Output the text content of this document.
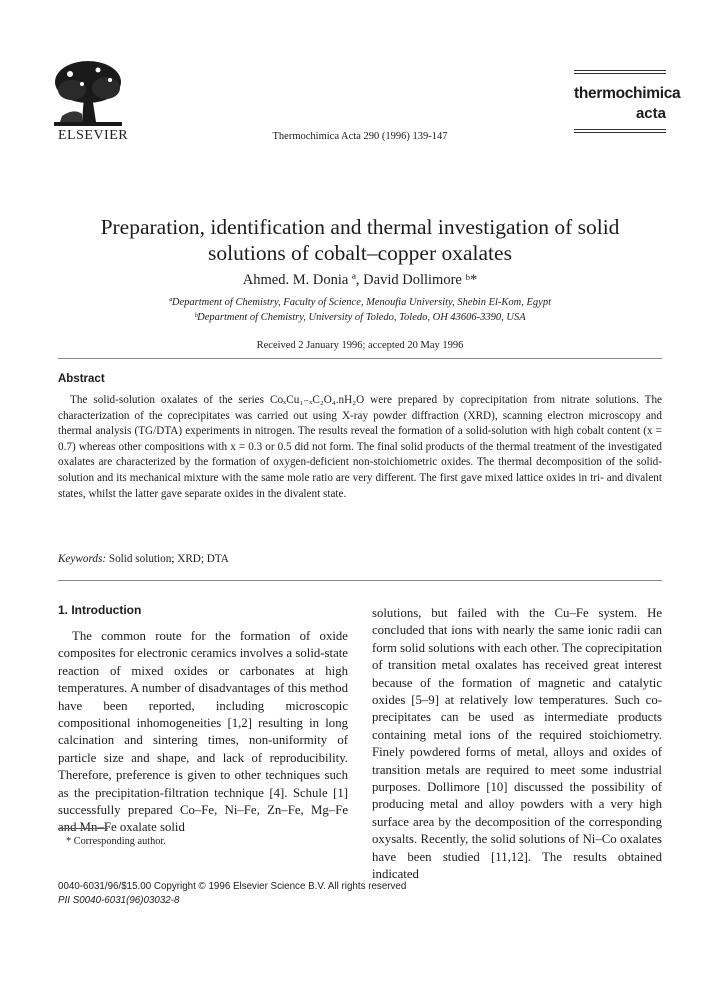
ELSEVIER	Thermochimica Acta 290 (1996) 139-147
thermochimica
acta
Preparation, identification and thermal investigation of solid solutions of cobalt–copper oxalates
Ahmed. M. Donia ª, David Dollimore ᵇ*
ªDepartment of Chemistry, Faculty of Science, Menoufia University, Shebin El-Kom, Egypt
ᵇDepartment of Chemistry, University of Toledo, Toledo, OH 43606-3390, USA
Received 2 January 1996; accepted 20 May 1996
Abstract

The solid-solution oxalates of the series CoₓCu₁₋ₓC₂O₄.nH₂O were prepared by coprecipitation from nitrate solutions. The characterization of the coprecipitates was carried out using X-ray powder diffraction (XRD), scanning electron microscopy and thermal analysis (TG/DTA) experiments in nitrogen. The results reveal the formation of a solid-solution with high cobalt content (x = 0.7) whereas other compositions with x = 0.3 or 0.5 did not form. The final solid products of the thermal treatment of the investigated oxalates are characterized by the formation of oxygen-deficient non-stoichiometric oxides. The thermal decomposition of the solid-solution and its mechanical mixture with the same mole ratio are very different. The first gave mixed lattice oxides in tri- and divalent states, whilst the latter gave separate oxides in the divalent state.

Keywords: Solid solution; XRD; DTA
1. Introduction

The common route for the formation of oxide composites for electronic ceramics involves a solid-state reaction of mixed oxides or carbonates at high temperatures. A number of disadvantages of this method have been reported, including microscopic compositional inhomogeneities [1,2] resulting in long calcination and sintering times, non-uniformity of particle size and shape, and lack of reproducibility. Therefore, preference is given to other techniques such as the precipitation-filtration technique [4]. Schule [1] successfully prepared Co–Fe, Ni–Fe, Zn–Fe, Mg–Fe and Mn–Fe oxalate solid

solutions, but failed with the Cu–Fe system. He concluded that ions with nearly the same ionic radii can form solid solutions with each other. The coprecipitation of transition metal oxalates has received great interest because of the formation of magnetic and catalytic oxides [5–9] at relatively low temperatures. Such co-precipitates can be used as intermediate products containing metal ions of the required stoichiometry. Finely powdered forms of metal, alloys and oxides of transition metals are required to meet some industrial purposes. Dollimore [10] discussed the possibility of producing metal and alloy powders with a very high surface area by the decomposition of the corresponding oxysalts. Recently, the solid solutions of Ni–Co oxalates have been studied [11,12]. The results obtained indicated

* Corresponding author.
0040-6031/96/$15.00 Copyright © 1996 Elsevier Science B.V. All rights reserved
PII S0040-6031(96)03032-8
